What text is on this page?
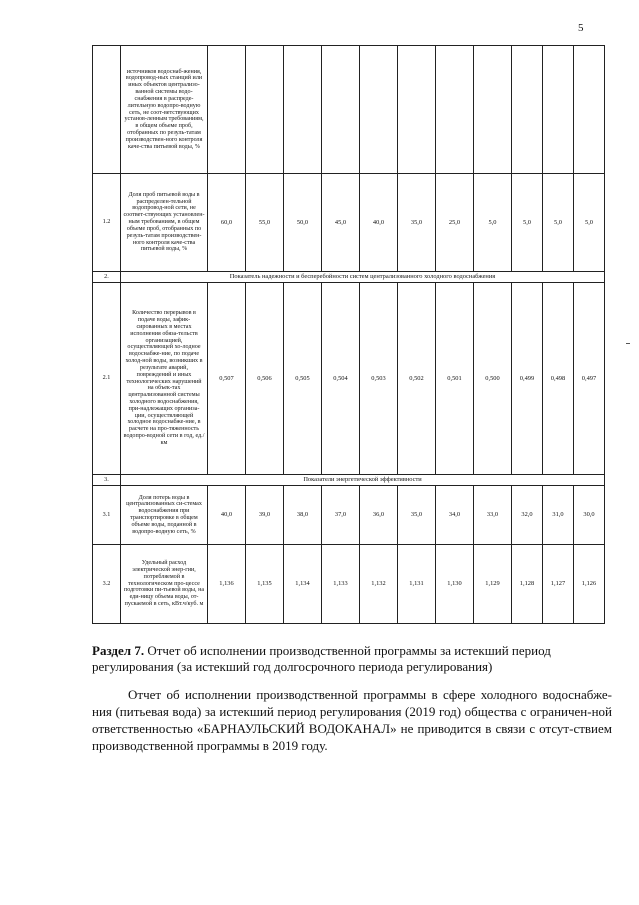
5
	источников водоснаб-жения, водопровод-ных станций или иных объектов централизо-ванной системы водо-снабжения в распреде-лительную водопро-водную сеть, не соот-ветствующих установ-ленным требованиям, в общем объеме проб, отобранных по резуль-татам производствен-ного контроля каче-ства питьевой воды, %											
1.2	Доля проб питьевой воды в распределен-тельной водопровод-ной сети, не соответ-ствующих установлен-ным требованиям, в общем объеме проб, отобранных по резуль-татам производствен-ного контроля каче-ства питьевой воды, %	60,0	55,0	50,0	45,0	40,0	35,0	25,0	5,0	5,0	5,0	5,0
2.	Показатель надежности и бесперебойности систем централизованного холодного водоснабжения											
2.1	Количество перерывов в подаче воды, зафик-сированных в местах исполнения обяза-тельств организацией, осуществляющей хо-лодное водоснабже-ние, по подаче холод-ной воды, возникших в результате аварий, повреждений и иных технологических нарушений на объек-тах централизованной системы холодного водоснабжения, при-надлежащих организа-ции, осуществляющей холодное водоснабже-ние, в расчете на про-тяженность водопро-водной сети в год, ед./км	0,507	0,506	0,505	0,504	0,503	0,502	0,501	0,500	0,499	0,498	0,497
3.	Показатели энергетической эффективности											
3.1	Доля потерь воды в централизованных си-стемах водоснабжения при транспортировке в общем объеме воды, поданной в водопро-водную сеть, %	40,0	39,0	38,0	37,0	36,0	35,0	34,0	33,0	32,0	31,0	30,0
3.2	Удельный расход электрической энер-гии, потребляемой в технологическом про-цессе подготовки пи-тьевой воды, на еди-ницу объема воды, от-пускаемой в сеть, кВт.ч/куб. м	1,136	1,135	1,134	1,133	1,132	1,131	1,130	1,129	1,128	1,127	1,126
Раздел 7. Отчет об исполнении производственной программы за истекший период регулирования (за истекший год долгосрочного периода регулирования)
Отчет об исполнении производственной программы в сфере холодного водоснабже-ния (питьевая вода) за истекший период регулирования (2019 год) общества с ограничен-ной ответственностью «БАРНАУЛЬСКИЙ ВОДОКАНАЛ» не приводится в связи с отсут-ствием производственной программы в 2019 году.
